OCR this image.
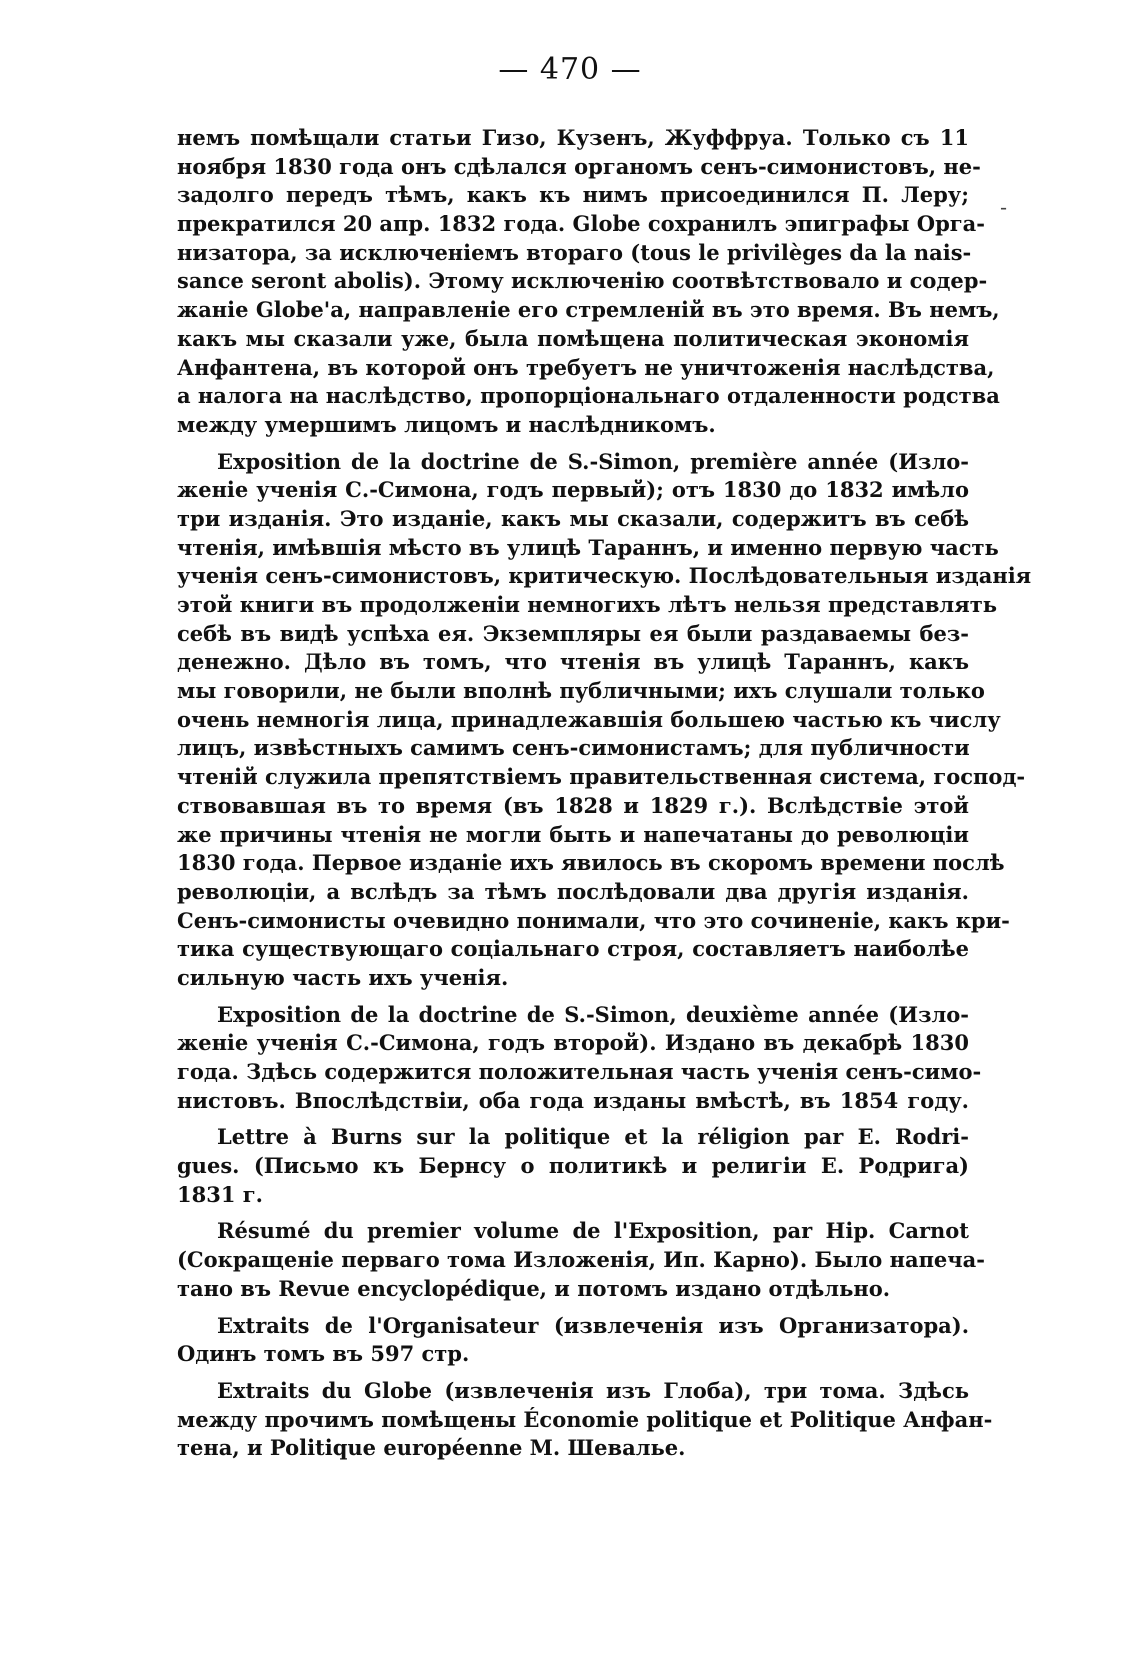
— 470 —
˗
немъ помѣщали статьи Гизо, Кузенъ, Жуффруа. Только съ 11
ноября 1830 года онъ сдѣлался органомъ сенъ-симонистовъ, не-
задолго передъ тѣмъ, какъ къ нимъ присоединился П. Леру;
прекратился 20 апр. 1832 года. Globe сохранилъ эпиграфы Орга-
низатора, за исключеніемъ втораго (tous le privilèges da la nais-
sance seront abolis). Этому исключенію соотвѣтствовало и содер-
жаніе Globe'а, направленіе его стремленій въ это время. Въ немъ,
какъ мы сказали уже, была помѣщена политическая экономія
Анфантена, въ которой онъ требуетъ не уничтоженія наслѣдства,
а налога на наслѣдство, пропорціональнаго отдаленности родства
между умершимъ лицомъ и наслѣдникомъ.
Exposition de la doctrine de S.-Simon, première année (Изло-
женіе ученія С.-Симона, годъ первый); отъ 1830 до 1832 имѣло
три изданія. Это изданіе, какъ мы сказали, содержитъ въ себѣ
чтенія, имѣвшія мѣсто въ улицѣ Тараннъ, и именно первую часть
ученія сенъ-симонистовъ, критическую. Послѣдовательныя изданія
этой книги въ продолженіи немногихъ лѣтъ нельзя представлять
себѣ въ видѣ успѣха ея. Экземпляры ея были раздаваемы без-
денежно. Дѣло въ томъ, что чтенія въ улицѣ Тараннъ, какъ
мы говорили, не были вполнѣ публичными; ихъ слушали только
очень немногія лица, принадлежавшія большею частью къ числу
лицъ, извѣстныхъ самимъ сенъ-симонистамъ; для публичности
чтеній служила препятствіемъ правительственная система, господ-
ствовавшая въ то время (въ 1828 и 1829 г.). Вслѣдствіе этой
же причины чтенія не могли быть и напечатаны до революціи
1830 года. Первое изданіе ихъ явилось въ скоромъ времени послѣ
революціи, а вслѣдъ за тѣмъ послѣдовали два другія изданія.
Сенъ-симонисты очевидно понимали, что это сочиненіе, какъ кри-
тика существующаго соціальнаго строя, составляетъ наиболѣе
сильную часть ихъ ученія.
Exposition de la doctrine de S.-Simon, deuxième année (Изло-
женіе ученія С.-Симона, годъ второй). Издано въ декабрѣ 1830
года. Здѣсь содержится положительная часть ученія сенъ-симо-
нистовъ. Впослѣдствіи, оба года изданы вмѣстѣ, въ 1854 году.
Lettre à Burns sur la politique et la réligion par E. Rodri-
gues. (Письмо къ Бернсу о политикѣ и религіи Е. Родрига)
1831 г.
Résumé du premier volume de l'Exposition, par Hip. Carnot
(Сокращеніе перваго тома Изложенія, Ип. Карно). Было напеча-
тано въ Revue encyclopédique, и потомъ издано отдѣльно.
Extraits de l'Organisateur (извлеченія изъ Организатора).
Одинъ томъ въ 597 стр.
Extraits du Globe (извлеченія изъ Глоба), три тома. Здѣсь
между прочимъ помѣщены Économie politique et Politique Анфан-
тена, и Politique européenne М. Шевалье.
